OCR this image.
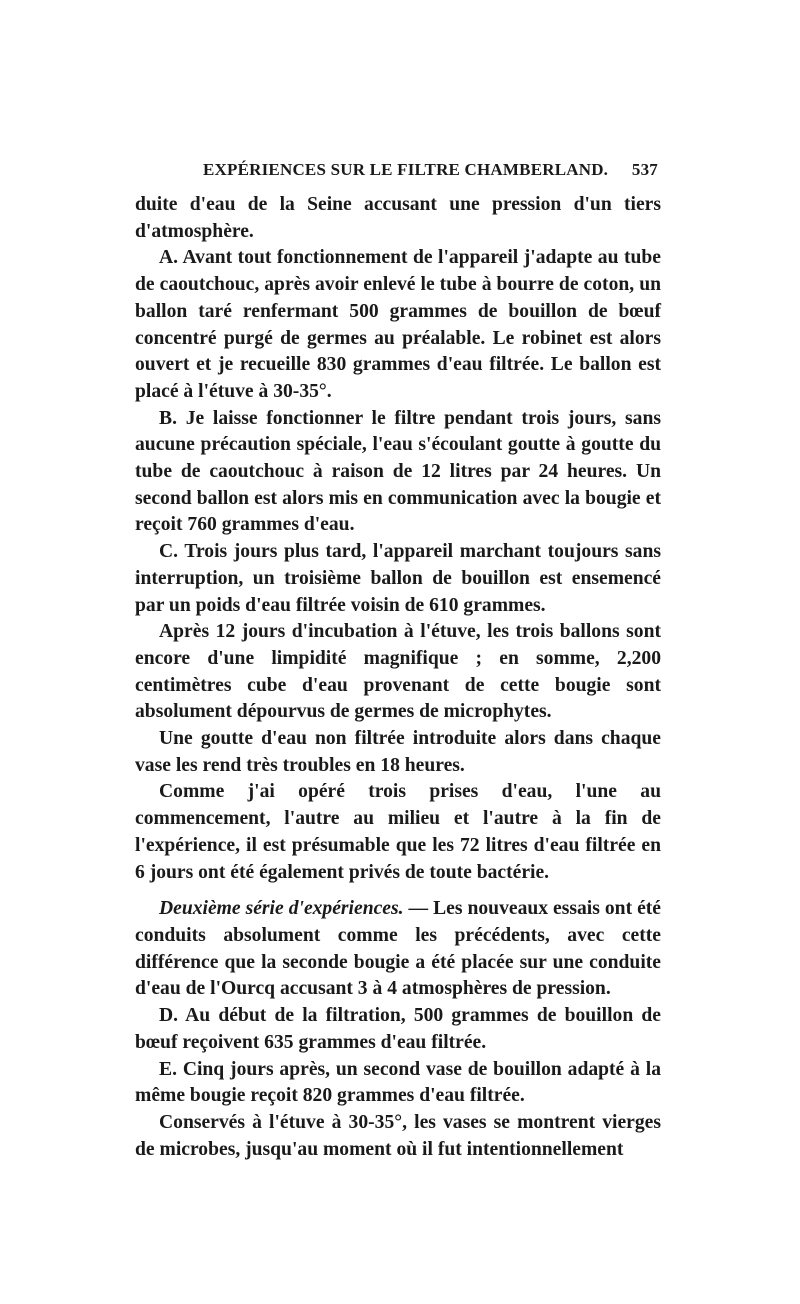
EXPÉRIENCES SUR LE FILTRE CHAMBERLAND. 537

duite d'eau de la Seine accusant une pression d'un tiers d'atmosphère.

A. Avant tout fonctionnement de l'appareil j'adapte au tube de caoutchouc, après avoir enlevé le tube à bourre de coton, un ballon taré renfermant 500 grammes de bouillon de bœuf concentré purgé de germes au préalable. Le robinet est alors ouvert et je recueille 830 grammes d'eau filtrée. Le ballon est placé à l'étuve à 30-35°.

B. Je laisse fonctionner le filtre pendant trois jours, sans aucune précaution spéciale, l'eau s'écoulant goutte à goutte du tube de caoutchouc à raison de 12 litres par 24 heures. Un second ballon est alors mis en communication avec la bougie et reçoit 760 grammes d'eau.

C. Trois jours plus tard, l'appareil marchant toujours sans interruption, un troisième ballon de bouillon est ensemencé par un poids d'eau filtrée voisin de 610 grammes.

Après 12 jours d'incubation à l'étuve, les trois ballons sont encore d'une limpidité magnifique ; en somme, 2,200 centimètres cube d'eau provenant de cette bougie sont absolument dépourvus de germes de microphytes.

Une goutte d'eau non filtrée introduite alors dans chaque vase les rend très troubles en 18 heures.

Comme j'ai opéré trois prises d'eau, l'une au commencement, l'autre au milieu et l'autre à la fin de l'expérience, il est présumable que les 72 litres d'eau filtrée en 6 jours ont été également privés de toute bactérie.

Deuxième série d'expériences. — Les nouveaux essais ont été conduits absolument comme les précédents, avec cette différence que la seconde bougie a été placée sur une conduite d'eau de l'Ourcq accusant 3 à 4 atmosphères de pression.

D. Au début de la filtration, 500 grammes de bouillon de bœuf reçoivent 635 grammes d'eau filtrée.

E. Cinq jours après, un second vase de bouillon adapté à la même bougie reçoit 820 grammes d'eau filtrée.

Conservés à l'étuve à 30-35°, les vases se montrent vierges de microbes, jusqu'au moment où il fut intentionnellement
